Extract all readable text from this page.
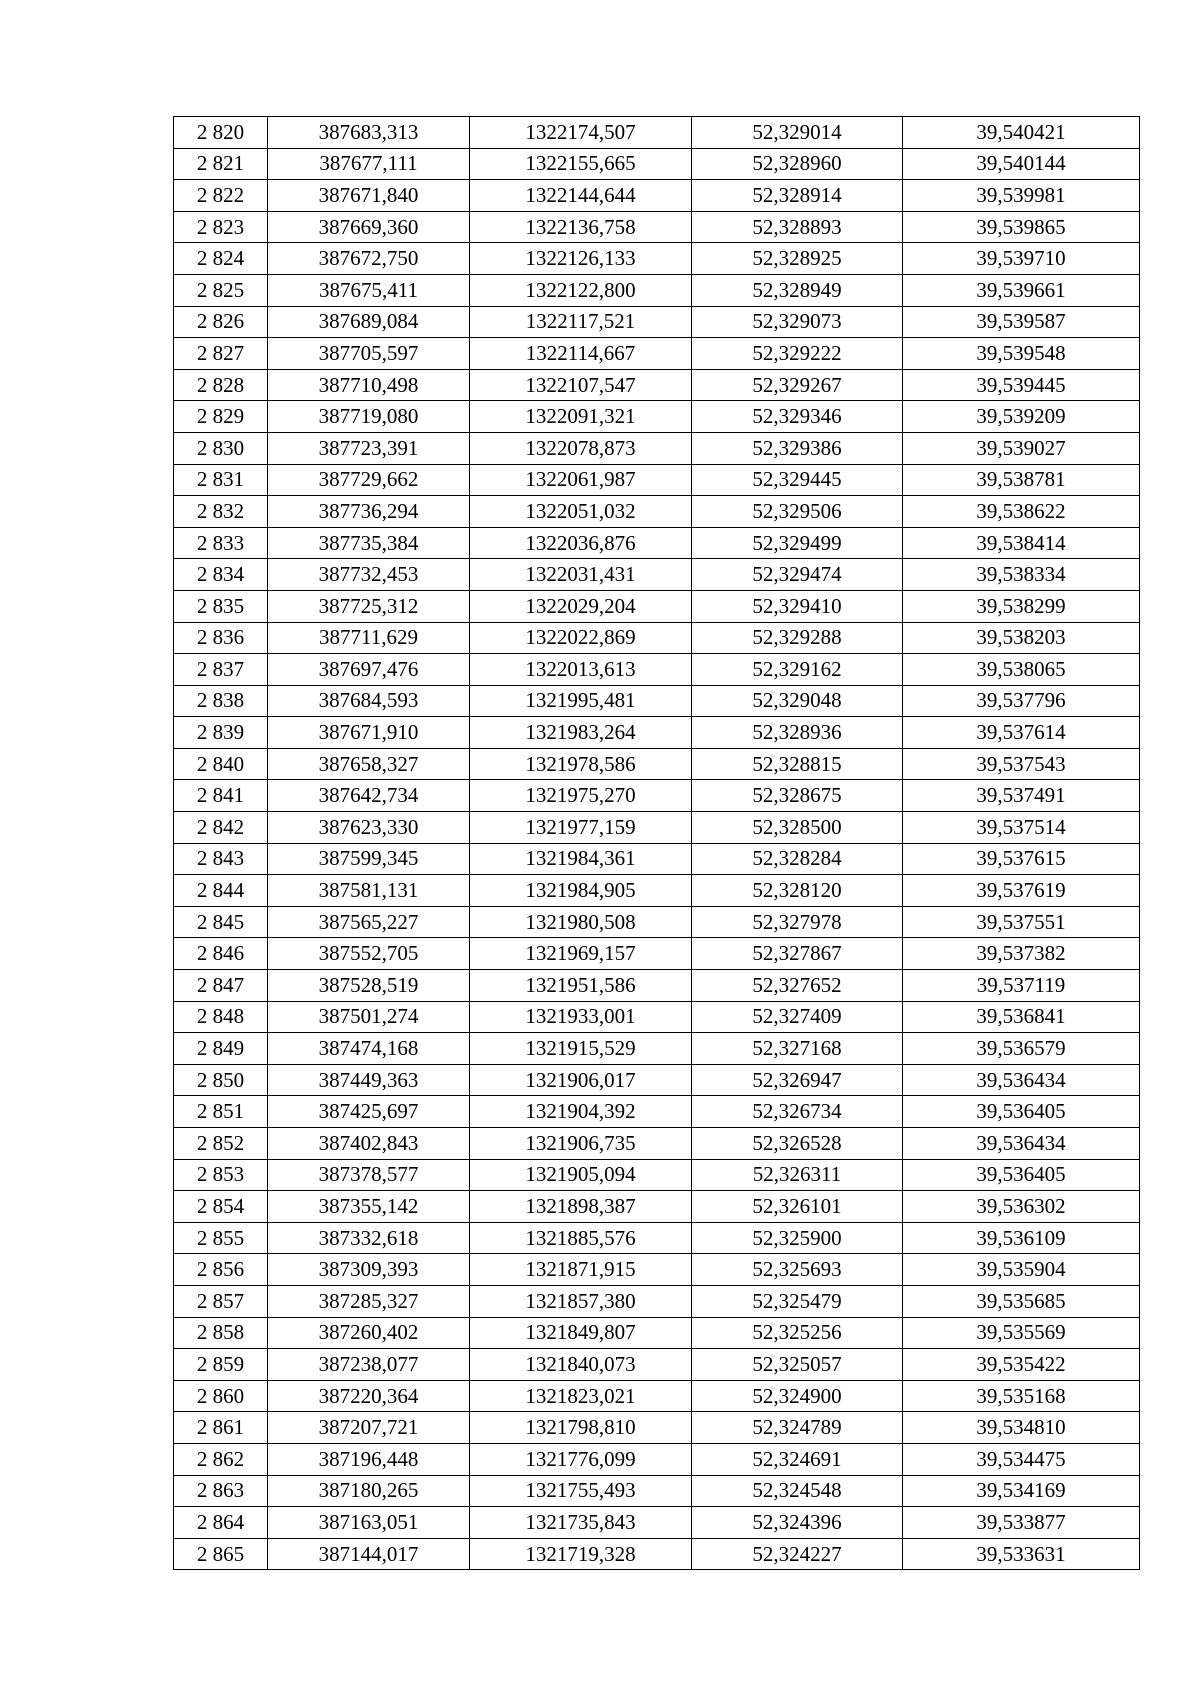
2 820	387683,313	1322174,507	52,329014	39,540421
2 821	387677,111	1322155,665	52,328960	39,540144
2 822	387671,840	1322144,644	52,328914	39,539981
2 823	387669,360	1322136,758	52,328893	39,539865
2 824	387672,750	1322126,133	52,328925	39,539710
2 825	387675,411	1322122,800	52,328949	39,539661
2 826	387689,084	1322117,521	52,329073	39,539587
2 827	387705,597	1322114,667	52,329222	39,539548
2 828	387710,498	1322107,547	52,329267	39,539445
2 829	387719,080	1322091,321	52,329346	39,539209
2 830	387723,391	1322078,873	52,329386	39,539027
2 831	387729,662	1322061,987	52,329445	39,538781
2 832	387736,294	1322051,032	52,329506	39,538622
2 833	387735,384	1322036,876	52,329499	39,538414
2 834	387732,453	1322031,431	52,329474	39,538334
2 835	387725,312	1322029,204	52,329410	39,538299
2 836	387711,629	1322022,869	52,329288	39,538203
2 837	387697,476	1322013,613	52,329162	39,538065
2 838	387684,593	1321995,481	52,329048	39,537796
2 839	387671,910	1321983,264	52,328936	39,537614
2 840	387658,327	1321978,586	52,328815	39,537543
2 841	387642,734	1321975,270	52,328675	39,537491
2 842	387623,330	1321977,159	52,328500	39,537514
2 843	387599,345	1321984,361	52,328284	39,537615
2 844	387581,131	1321984,905	52,328120	39,537619
2 845	387565,227	1321980,508	52,327978	39,537551
2 846	387552,705	1321969,157	52,327867	39,537382
2 847	387528,519	1321951,586	52,327652	39,537119
2 848	387501,274	1321933,001	52,327409	39,536841
2 849	387474,168	1321915,529	52,327168	39,536579
2 850	387449,363	1321906,017	52,326947	39,536434
2 851	387425,697	1321904,392	52,326734	39,536405
2 852	387402,843	1321906,735	52,326528	39,536434
2 853	387378,577	1321905,094	52,326311	39,536405
2 854	387355,142	1321898,387	52,326101	39,536302
2 855	387332,618	1321885,576	52,325900	39,536109
2 856	387309,393	1321871,915	52,325693	39,535904
2 857	387285,327	1321857,380	52,325479	39,535685
2 858	387260,402	1321849,807	52,325256	39,535569
2 859	387238,077	1321840,073	52,325057	39,535422
2 860	387220,364	1321823,021	52,324900	39,535168
2 861	387207,721	1321798,810	52,324789	39,534810
2 862	387196,448	1321776,099	52,324691	39,534475
2 863	387180,265	1321755,493	52,324548	39,534169
2 864	387163,051	1321735,843	52,324396	39,533877
2 865	387144,017	1321719,328	52,324227	39,533631
